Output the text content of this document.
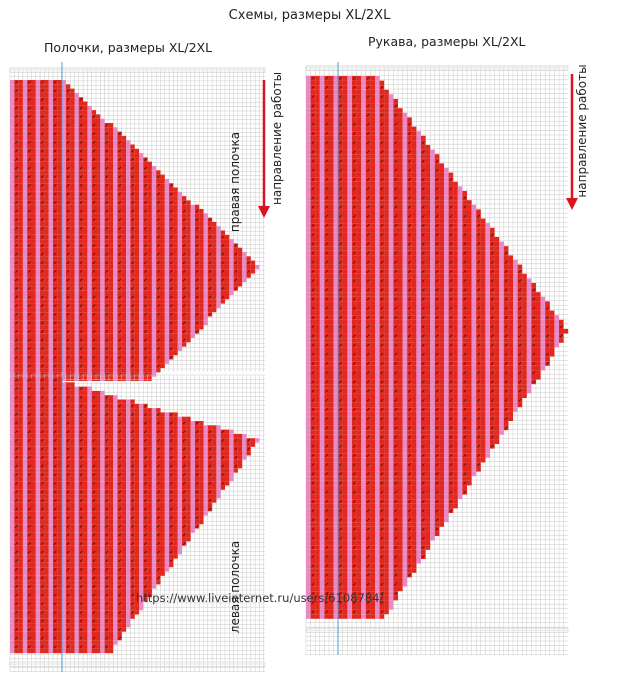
Схемы, размеры XL/2XL
Полочки, размеры XL/2XL	Рукава, размеры XL/2XL
правая полочка
левая полочка
направление работы	направление работы
https://www.liveinternet.ru/users/6108784/
